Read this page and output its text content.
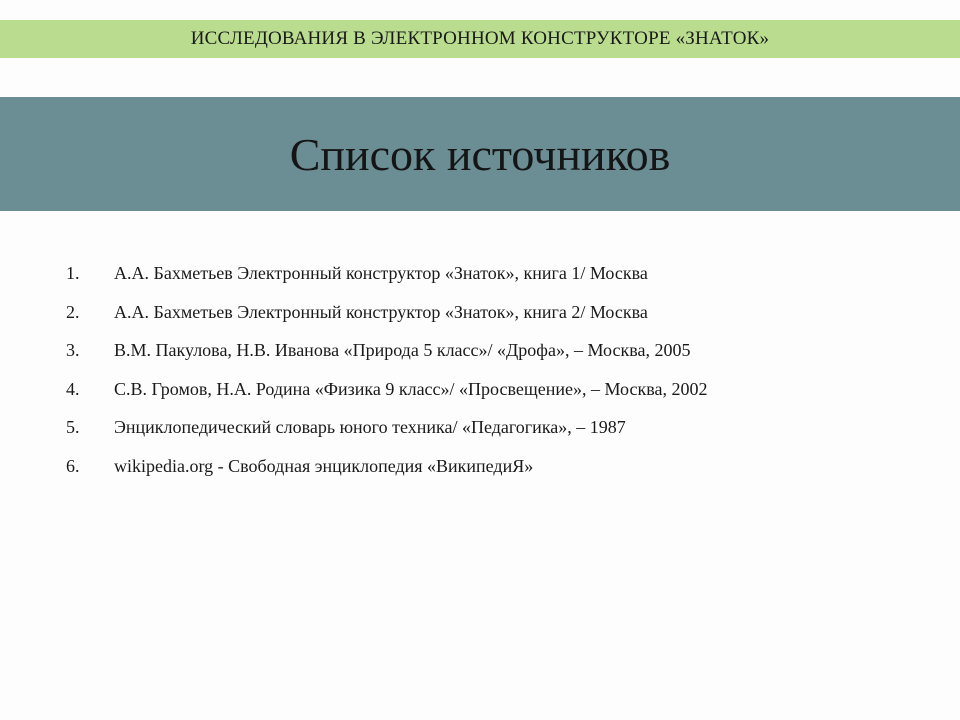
ИССЛЕДОВАНИЯ В ЭЛЕКТРОННОМ КОНСТРУКТОРЕ «ЗНАТОК»
Список источников
1. А.А. Бахметьев Электронный конструктор «Знаток», книга 1/ Москва
2. А.А. Бахметьев Электронный конструктор «Знаток», книга 2/ Москва
3. В.М. Пакулова, Н.В. Иванова «Природа 5 класс»/ «Дрофа», – Москва, 2005
4. С.В. Громов, Н.А. Родина «Физика 9 класс»/ «Просвещение», – Москва, 2002
5. Энциклопедический словарь юного техника/ «Педагогика», – 1987
6. wikipedia.org - Свободная энциклопедия «ВикипедиЯ»
